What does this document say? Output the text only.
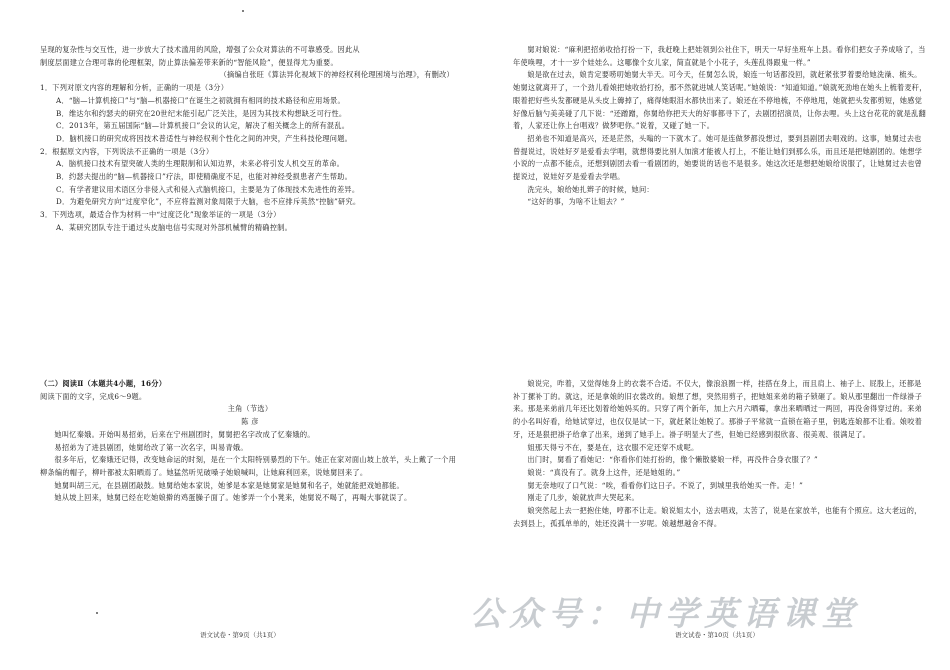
呈现的复杂性与交互性，进一步放大了技术滥用的风险，增强了公众对算法的不可靠感受。因此从

制度层面建立合理可靠的伦理框架，防止算法偏差带来新的“智能风险”，便显得尤为重要。

（摘编自张旺《算法异化视域下的神经权利伦理困境与治理》，有删改）

1．下列对原文内容的理解和分析，正确的一项是（3分）

A．“脑—计算机接口”与“脑—机器接口”在诞生之初就拥有相同的技术路径和应用场景。

B．维达尔和约瑟夫的研究在20世纪末能引起广泛关注，是因为其技术构想缺乏可行性。

C．2013年，第五届国际“脑—计算机接口”会议的认定，解决了相关概念上的所有混乱。

D．脑机接口的研究成将因技术普适性与神经权利个性化之间的冲突，产生科技伦理问题。

2．根据原文内容，下列说法不正确的一项是（3分）

A．脑机接口技术有望突破人类的生理限制和认知边界，未来必将引发人机交互的革命。

B．约瑟夫提出的“脑—机器接口”疗法，即使精确度不足，也能对神经受损患者产生帮助。

C．有学者建议用术语区分非侵入式和侵入式脑机接口，主要是为了体现技术先进性的差异。

D．为避免研究方向“过度窄化”，不应将监测对象局限于大脑，也不应排斥英然“控脑”研究。

3．下列选项，最适合作为材料一中“过度泛化”现象举证的一项是（3分）

A．某研究团队专注于通过头皮脑电信号实现对外部机械臂的精确控制。

（二）阅读Ⅱ（本题共4小题，16分）

阅读下面的文字，完成6～9题。

主角（节选）

陈 彦

她叫忆秦娥。开始叫易招弟，后来在宁州剧团时，舅舅把名字改成了忆秦娥的。

易招弟为了进县剧团，她舅给改了第一次名字，叫易青娥。

很多年后，忆秦娥还记得，改变她命运的时刻，是在一个太阳特别暴烈的下午。她正在家对面山坡上放羊，头上戴了一个用柳条编的帽子，柳叶都被太阳晒焉了。她猛然听见破嗓子她娘喊叫，让她麻利回来，说她舅回来了。

她舅叫胡三元，在县剧团敲鼓。她舅给她本家说，她爹是本家是她舅家是她舅和名子，她就能把戏她都能。

她从坡上回来，她舅已经在吃她娘擀的鸡蛋臊子面了。她爹弄一个小凳来，她舅说不喝了，再喝大事就误了。

语文试卷・第9页（共1页）

舅对娘说：“麻利把招弟收拾打扮一下，我赶晚上把娃领到公社住下，明天一早好坐班车上县。看你们把女子养成啥了，当年使唤哩，才十一岁个娃娃么。这哪像个女儿家，简直就是个小花子，头莲乱得跟鬼一样。”

娘是欲在过去，娘肯定要唠叨她舅大半天。可今天，任舅怎么说，娘连一句话都没回，就赶紧张罗着要给她洗澡、梳头。她舅这就离开了，一个劲儿看娘把她收拾打扮，那不然就进城人笑话呢。”她娘说：“知道知道。”娘就死劲地在她头上梳着麦秆，眼着把好些头发都硬是从头皮上薅掉了，痛得她眼泪水都快出来了。娘还在不停地梳，不停地甩，她就把头发都剪短，她感觉好像后脑勺美美碰了几下说：“还蹭蹭，你舅给你把天大的好事都寻下了，去剧团招演员，让你去哩。头上这台花花的就是乱翻着，人家还让你上台唱戏？做梦吧你。”说着，又碰了她一下。

招弟也不知道是高兴，还是茫然，头嗡的一下就木了。她可是连做梦都没想过，要到县剧团去唱戏的。这事，她舅过去也曾提说过，说娃好歹是爱看去学唱，就想得要比别人加演才能被人打上，不能让她们到那么乐，而且还是把她剧团的。她想学小说的一点都不能点，还想到剧团去看一看剧团的，她要说的话也不是很多。她这次还是想把她娘给说服了，让她舅过去也曾提说过，说娃好歹是爱看去学唱。

洗完头，娘给她扎辫子的时候，她问：

“这好的事，为啥不让姐去？”

娘说完，咋着，又觉得她身上的衣裳不合适。不仅大，像浪浪圈一样，挂搭在身上，而且肩上、袖子上、屁股上，还都是补丁摞补丁的。就这，还是拿娘的旧衣裳改的。娘想了想，突然用剪子，把她姐来弟的箱子锁砸了。娘从那里翻出一件绿褂子来。那是来弟前几年还比划着给她妈买的。只穿了两个新年，加上六月六晒霉，拿出来晒晒过一两回，再没舍得穿过的。来弟的小名叫好看，给她试穿过，也仅仅是试一下，就赶紧让她脱了。那褂子平常就一直锁在箱子里，钥匙连娘都不让看。娘咬着牙，还是狠把褂子给拿了出来，递到了她手上。褂子明显大了些，但她已经感到很欣喜、很美观、很满足了。

姐那天得亏不在，要是在，这衣服不定还穿不成呢。

出门时，舅看了看她记：“你看你们娃打扮的，像个懒散婆娘一样，再没件合身衣服了？”

娘说：“真没有了。就身上这件，还是她姐的。”

舅无奈地叹了口气说：“唉，看看你们这日子。不说了，到城里我给她买一件。走！”

刚走了几步，娘就放声大哭起来。

娘突然起上去一把抱住她，哼都不让走。娘说姐太小，送去唱戏，太苦了，说是在家放羊，也能有个照应。这大老远的，去到县上，孤孤单单的，娃还没满十一岁呢。娘越想越舍不得。

语文试卷・第10页（共1页）
公众号：中学英语课堂
